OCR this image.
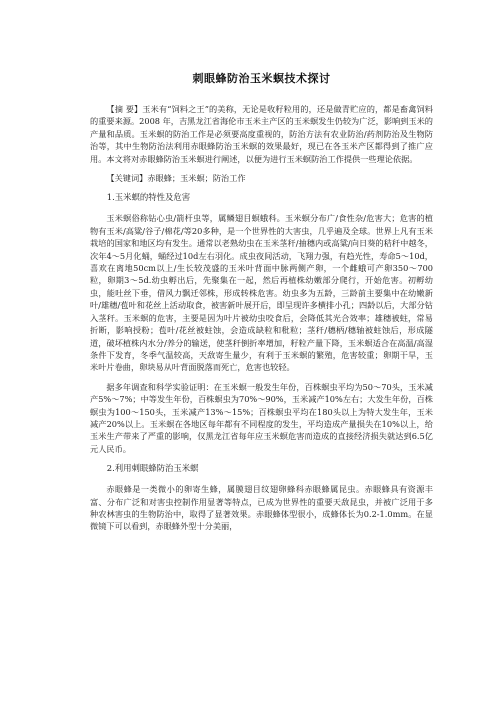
刺眼蜂防治玉米螟技术探讨

【摘 要】玉米有“饲料之王”的美称，无论是收籽粒用的，还是做青贮应的，都是畜禽饲料的重要来源。2008 年，吉黑龙江省海伦市玉米主产区的玉米螟发生仍较为广泛，影响到玉米的产量和品质。玉米螟的防治工作是必须要高度重视的，防治方法有农业防治/药剂防治及生物防治等，其中生物防治法利用赤眼蜂防治玉米螟的效果最好，现已在各玉米产区都得到了推广应用。本文将对赤眼蜂防治玉米螟进行阐述，以便为进行玉米螟防治工作提供一些理论依据。

【关键词】赤眼蜂；玉米螟；防治工作

1.玉米螟的特性及危害

玉米螟俗称钻心虫/箭杆虫等，属鳞翅目螟蛾科。玉米螟分布广/食性杂/危害大；危害的植物有玉米/高粱/谷子/棉花/等20多种，是一个世界性的大害虫，几乎遍及全球。世界上凡有玉米栽培的国家和地区均有发生。通常以老熟幼虫在玉米茎秆/抽穗内或高粱/向日葵的秸秆中越冬，次年4～5月化蛹，蛹经过10d左右羽化。成虫夜间活动，飞翔力强，有趋光性，寿命5～10d，喜欢在离地50cm以上/生长较茂盛的玉米叶背面中脉两侧产卵，一个雌蛾可产卵350～700粒，卵期3～5d.幼虫孵出后，先聚集在一起，然后再植株幼嫩部分爬行，开始危害。初孵幼虫，能吐丝下垂，借风力飘迁邻株，形成转株危害。幼虫多为五龄，三龄前主要集中在幼嫩新叶/雄穗/苞叶和花丝上活动取食，被害新叶展开后，即呈现许多横排小孔；四龄以后，大部分钻入茎秆。玉米螟的危害，主要是因为叶片被幼虫咬食后，会降低其光合效率；雄穗被蛀，常易折断，影响授粉；苞叶/花丝被蛀蚀，会造成缺粒和秕粒；茎秆/穗柄/穗轴被蛀蚀后，形成隧道，破坏植株内水分/养分的输送，使茎秆倒折率增加，籽粒产量下降，玉米螟适合在高温/高湿条件下发育，冬季气温较高，天敌寄生量少，有利于玉米螟的繁殖，危害较重；卵期干旱，玉米叶片卷曲，卵块易从叶背面脱落而死亡，危害也较轻。

据多年调查和科学实验证明：在玉米螟一般发生年份，百株螟虫平均为50～70头，玉米减产5%～7%；中等发生年份，百株螟虫为70%～90%，玉米减产10%左右；大发生年份，百株螟虫为100～150头，玉米减产13%～15%；百株螟虫平均在180头以上为特大发生年，玉米减产20%以上。玉米螟在各地区每年都有不同程度的发生，平均造成产量损失在10%以上，给玉米生产带来了严重的影响，仅黑龙江省每年应玉米螟危害而造成的直接经济损失就达到6.5亿元人民币。

2.利用刺眼蜂防治玉米螟

赤眼蜂是一类微小的卵寄生蜂，属膜翅目纹翅卵蜂科赤眼蜂属昆虫。赤眼蜂具有资源丰富、分布广泛和对害虫控制作用显著等特点，已成为世界性的重要天敌昆虫，并被广泛用于多种农林害虫的生物防治中，取得了显著效果。赤眼蜂体型很小，成蜂体长为0.2-1.0mm。在显微镜下可以看到，赤眼蜂外型十分美丽，
